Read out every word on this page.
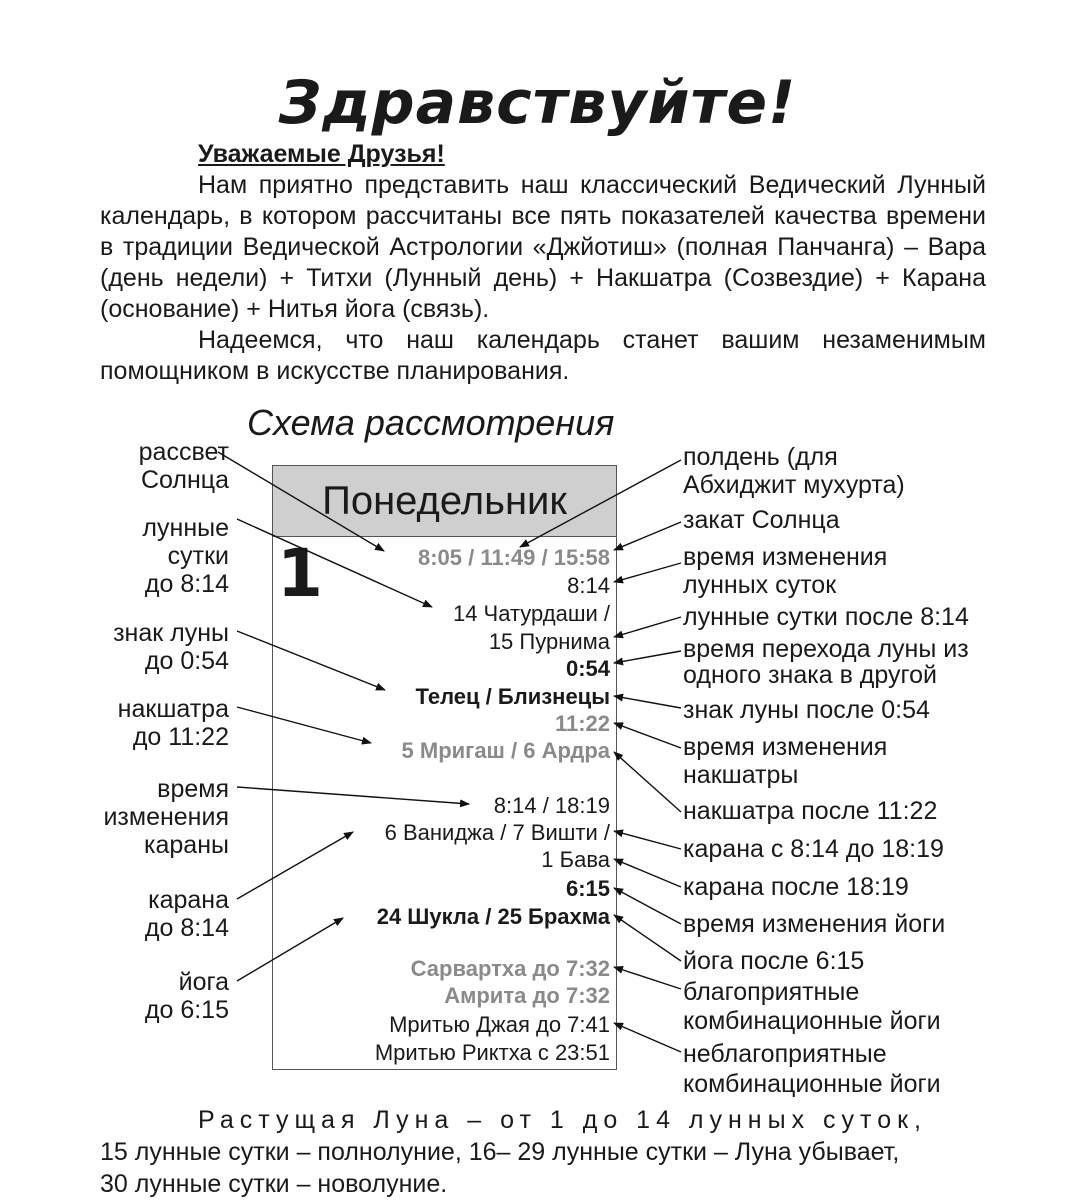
Здравствуйте!
Уважаемые Друзья!
Нам приятно представить наш классический Ведический Лунный календарь, в котором рассчитаны все пять показателей качества времени в традиции Ведической Астрологии «Джйотиш» (полная Панчанга) – Вара (день недели) + Титхи (Лунный день) + Накшатра (Созвездие) + Карана (основание) + Нитья йога (связь).
Надеемся, что наш календарь станет вашим незаменимым помощником в искусстве планирования.
Схема рассмотрения
Понедельник
1	8:05 / 11:49 / 15:58
8:14
14 Чатурдаши /
15 Пурнима
0:54
Телец / Близнецы
11:22
5 Мригаш / 6 Ардра
8:14 / 18:19
6 Ваниджа / 7 Вишти /
1 Бава
6:15
24 Шукла / 25 Брахма
Сарвартха до 7:32
Амрита до 7:32
Мритью Джая до 7:41
Мритью Риктха с 23:51
рассвет
Солнца
лунные
сутки
до 8:14
знак луны
до 0:54
накшатра
до 11:22
время
изменения
караны
карана
до 8:14
йога
до 6:15
полдень (для
Абхиджит мухурта)
закат Солнца
время изменения
лунных суток
лунные сутки после 8:14
время перехода луны из
одного знака в другой
знак луны после 0:54
время изменения
накшатры
накшатра после 11:22
карана с 8:14 до 18:19
карана после 18:19
время изменения йоги
йога после 6:15
благоприятные
комбинационные йоги
неблагоприятные
комбинационные йоги
Растущая Луна – от 1 до 14 лунных суток,
15 лунные сутки – полнолуние, 16– 29 лунные сутки – Луна убывает,
30 лунные сутки – новолуние.
